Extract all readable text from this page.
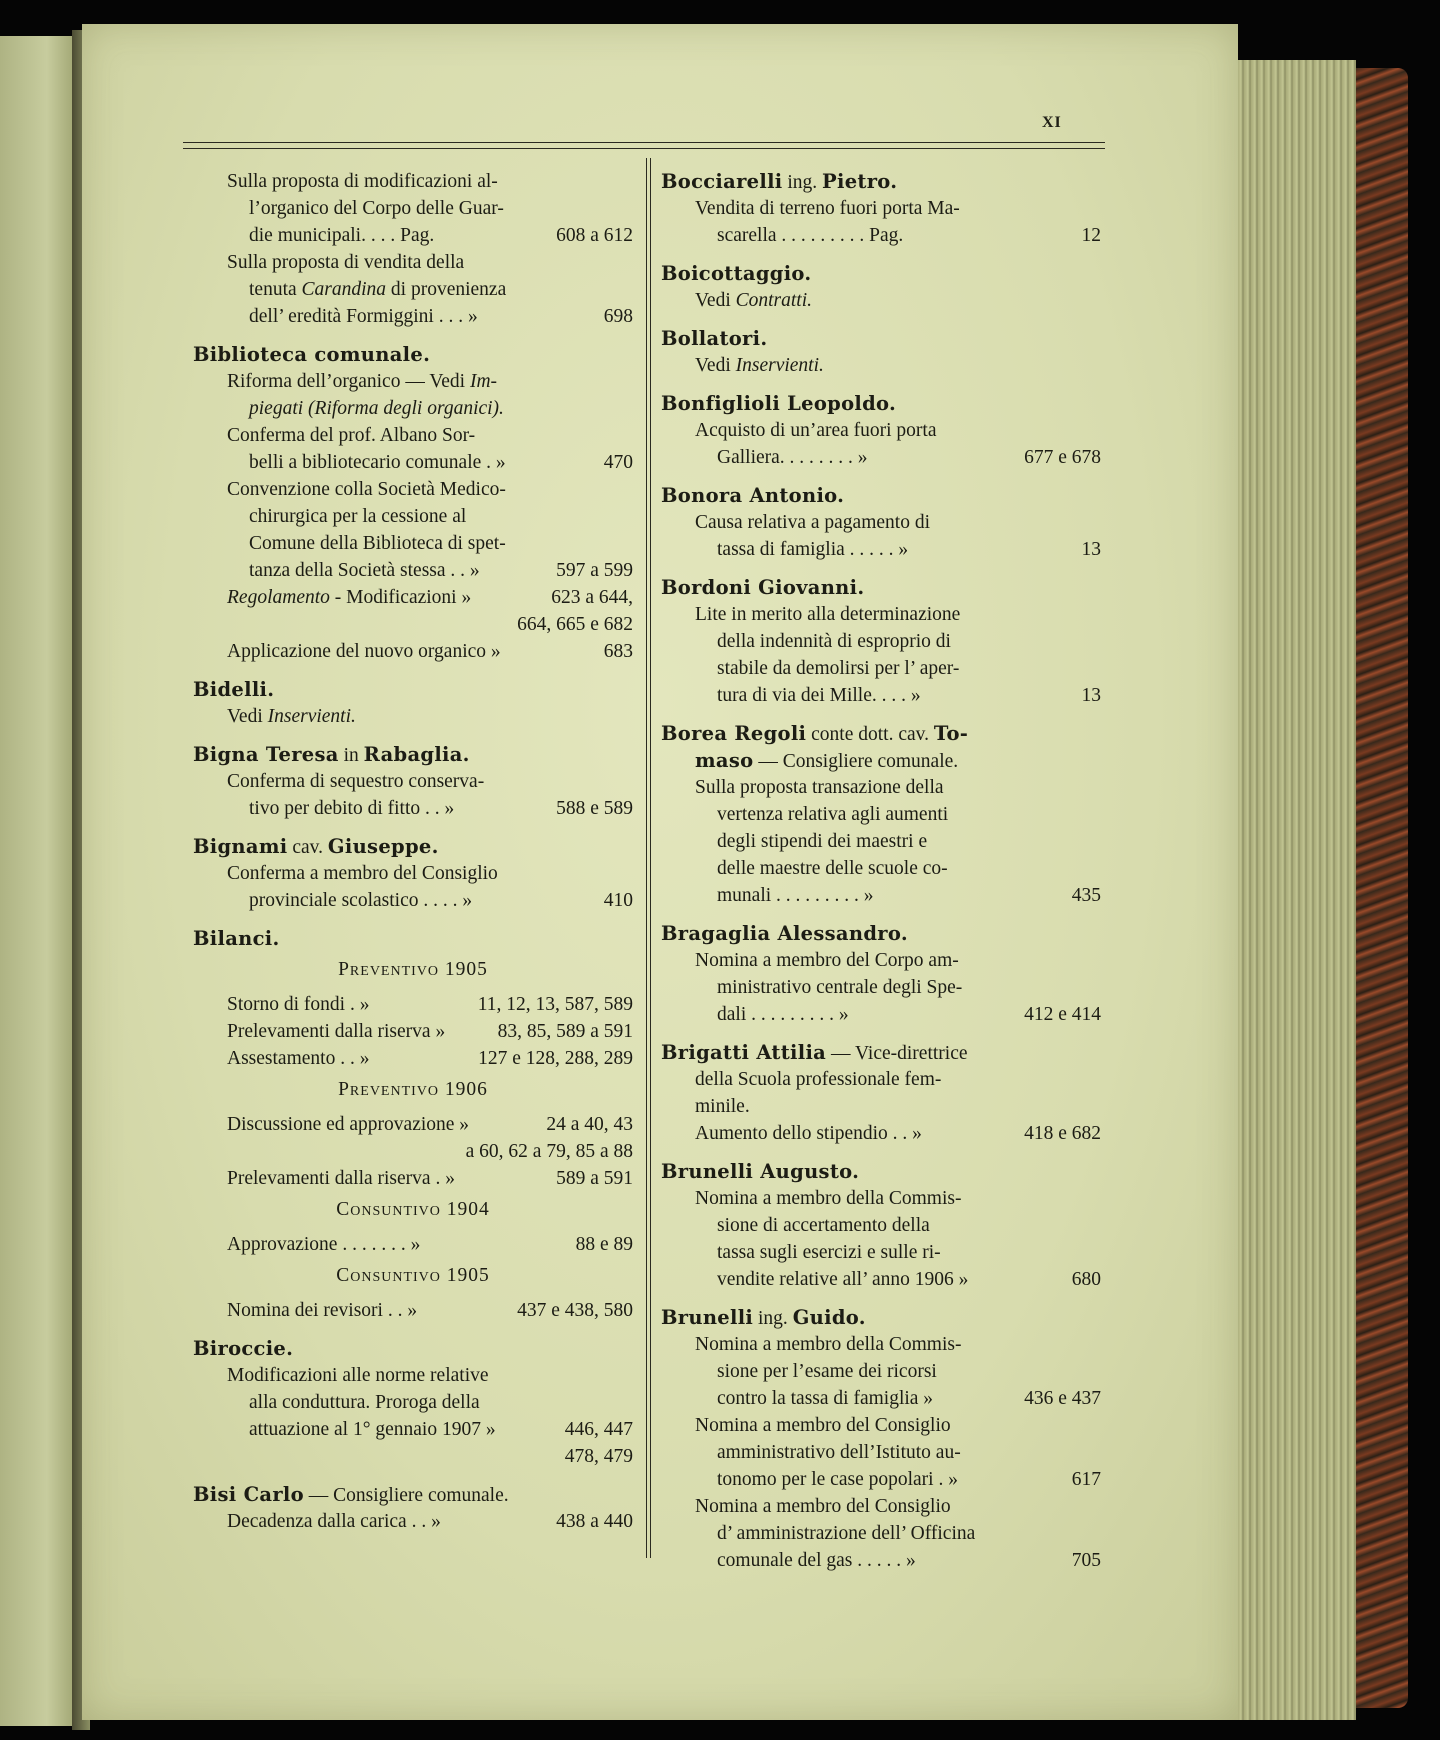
XI
Sulla proposta di modificazioni al-
l’organico del Corpo delle Guar-
die municipali. . . . Pag.	608 a 612
Sulla proposta di vendita della
tenuta
Carandina
di provenienza
dell’ eredità Formiggini . . . »	698
Biblioteca comunale.
Riforma dell’organico — Vedi
Im-
piegati
(Riforma degli organici).
Conferma del prof. Albano Sor-
belli a bibliotecario comunale . »	470
Convenzione colla Società Medico-
chirurgica per la cessione al
Comune della Biblioteca di spet-
tanza della Società stessa . . »	597 a 599
Regolamento
- Modificazioni »	623 a 644,
664, 665 e 682
Applicazione del nuovo organico »	683
Bidelli.
Vedi
Inservienti.
Bigna Teresa
in
Rabaglia.
Conferma di sequestro conserva-
tivo per debito di fitto . . »	588 e 589
Bignami
cav.
Giuseppe.
Conferma a membro del Consiglio
provinciale scolastico . . . . »	410
Bilanci.
Preventivo 1905
Storno di fondi . »	11, 12, 13, 587, 589
Prelevamenti dalla riserva »	83, 85, 589 a 591
Assestamento . . »	127 e 128, 288, 289
Preventivo 1906
Discussione ed approvazione »	24 a 40, 43
a 60, 62 a 79, 85 a 88
Prelevamenti dalla riserva . »	589 a 591
Consuntivo 1904
Approvazione . . . . . . . »	88 e 89
Consuntivo 1905
Nomina dei revisori . . »	437 e 438, 580
Biroccie.
Modificazioni alle norme relative
alla conduttura. Proroga della
attuazione al 1° gennaio 1907 »	446, 447
478, 479
Bisi Carlo
— Consigliere comunale.
Decadenza dalla carica . . »	438 a 440
Bocciarelli
ing.
Pietro.
Vendita di terreno fuori porta Ma-
scarella . . . . . . . . . Pag.	12
Boicottaggio.
Vedi
Contratti.
Bollatori.
Vedi
Inservienti.
Bonfiglioli Leopoldo.
Acquisto di un’area fuori porta
Galliera. . . . . . . . »	677 e 678
Bonora Antonio.
Causa relativa a pagamento di
tassa di famiglia . . . . . »	13
Bordoni Giovanni.
Lite in merito alla determinazione
della indennità di esproprio di
stabile da demolirsi per l’ aper-
tura di via dei Mille. . . . »	13
Borea Regoli
conte dott. cav.
To-
maso
— Consigliere comunale.
Sulla proposta transazione della
vertenza relativa agli aumenti
degli stipendi dei maestri e
delle maestre delle scuole co-
munali . . . . . . . . . »	435
Bragaglia Alessandro.
Nomina a membro del Corpo am-
ministrativo centrale degli Spe-
dali . . . . . . . . . »	412 e 414
Brigatti Attilia
— Vice-direttrice
della Scuola professionale fem-
minile.
Aumento dello stipendio . . »	418 e 682
Brunelli Augusto.
Nomina a membro della Commis-
sione di accertamento della
tassa sugli esercizi e sulle ri-
vendite relative all’ anno 1906 »	680
Brunelli
ing.
Guido.
Nomina a membro della Commis-
sione per l’esame dei ricorsi
contro la tassa di famiglia »	436 e 437
Nomina a membro del Consiglio
amministrativo dell’Istituto au-
tonomo per le case popolari . »	617
Nomina a membro del Consiglio
d’ amministrazione dell’ Officina
comunale del gas . . . . . »	705
